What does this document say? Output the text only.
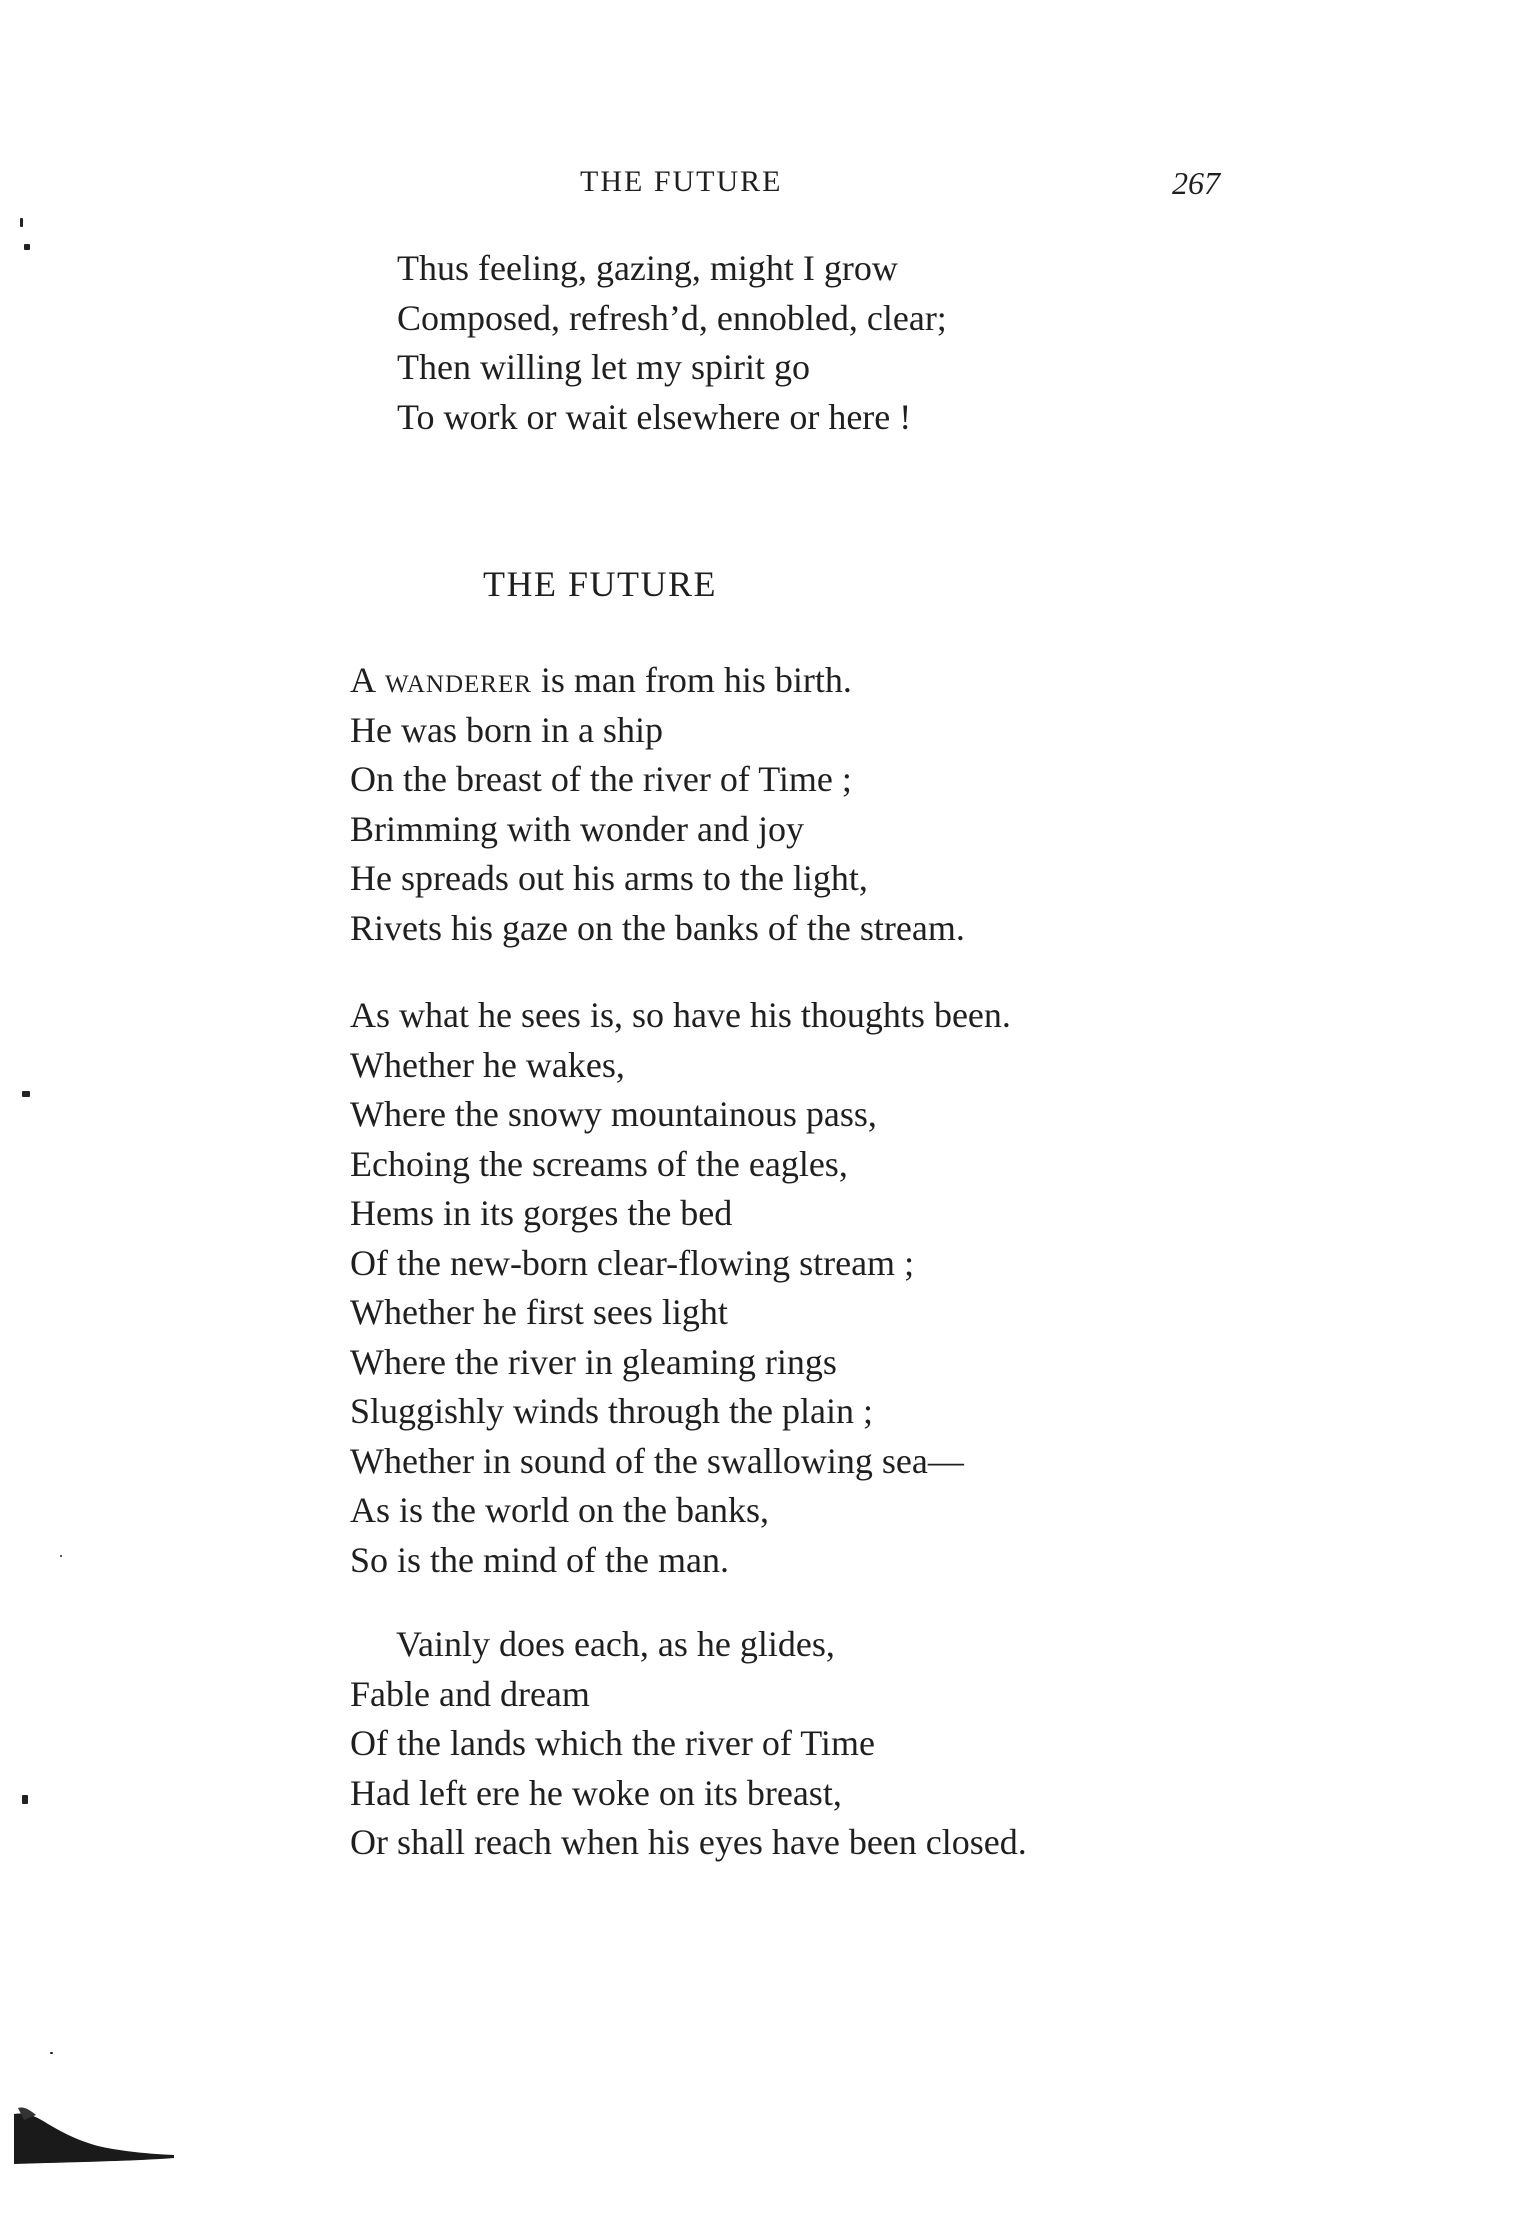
THE FUTURE	267
Thus feeling, gazing, might I grow
Composed, refresh’d, ennobled, clear;
Then willing let my spirit go
To work or wait elsewhere or here !
THE FUTURE
A wanderer is man from his birth.
He was born in a ship
On the breast of the river of Time ;
Brimming with wonder and joy
He spreads out his arms to the light,
Rivets his gaze on the banks of the stream.
As what he sees is, so have his thoughts been.
Whether he wakes,
Where the snowy mountainous pass,
Echoing the screams of the eagles,
Hems in its gorges the bed
Of the new-born clear-flowing stream ;
Whether he first sees light
Where the river in gleaming rings
Sluggishly winds through the plain ;
Whether in sound of the swallowing sea—
As is the world on the banks,
So is the mind of the man.
Vainly does each, as he glides,
Fable and dream
Of the lands which the river of Time
Had left ere he woke on its breast,
Or shall reach when his eyes have been closed.
